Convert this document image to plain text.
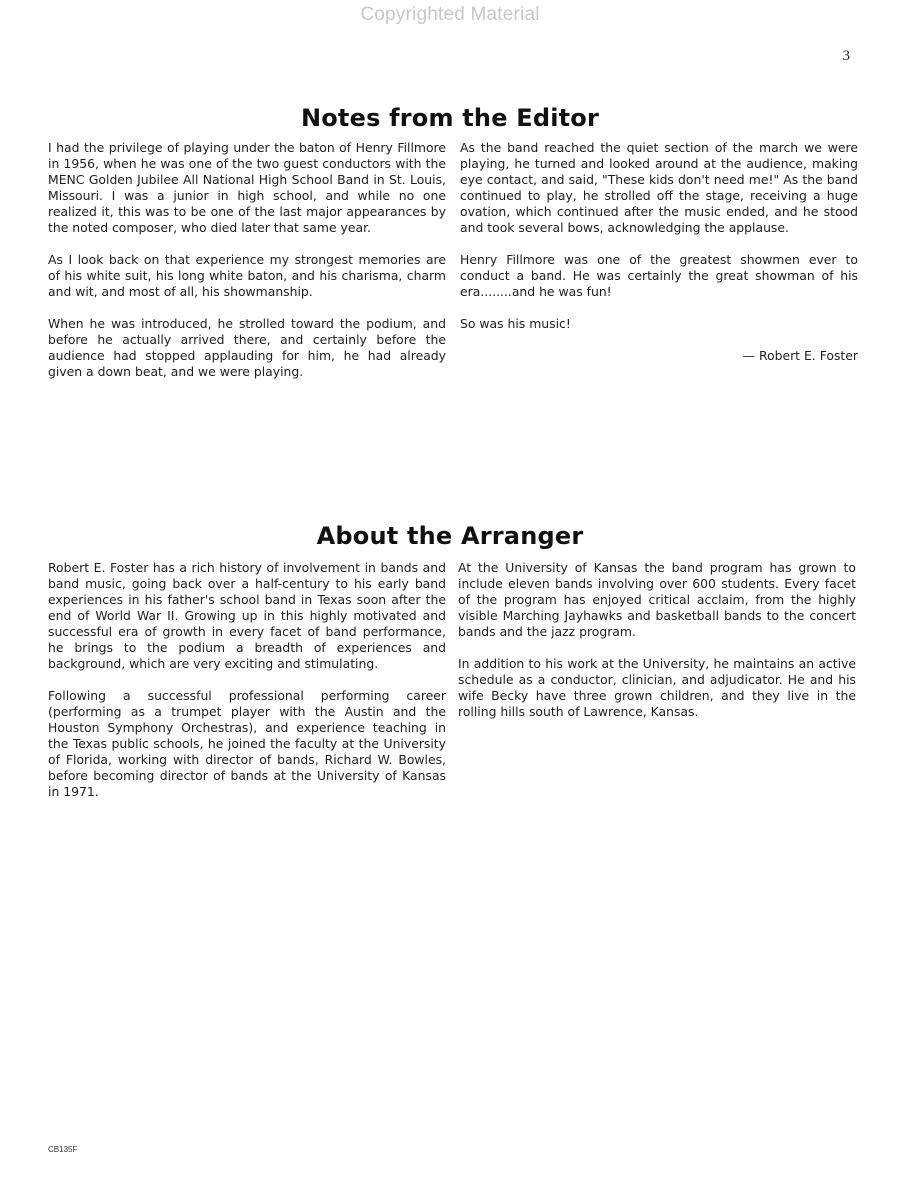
Copyrighted Material
3
Notes from the Editor

I had the privilege of playing under the baton of Henry Fillmore in 1956, when he was one of the two guest conductors with the MENC Golden Jubilee All National High School Band in St. Louis, Missouri. I was a junior in high school, and while no one realized it, this was to be one of the last major appearances by the noted composer, who died later that same year.

As I look back on that experience my strongest memories are of his white suit, his long white baton, and his charisma, charm and wit, and most of all, his showmanship.

When he was introduced, he strolled toward the podium, and before he actually arrived there, and certainly before the audience had stopped applauding for him, he had already given a down beat, and we were playing.

As the band reached the quiet section of the march we were playing, he turned and looked around at the audience, making eye contact, and said, "These kids don't need me!" As the band continued to play, he strolled off the stage, receiving a huge ovation, which continued after the music ended, and he stood and took several bows, acknowledging the applause.

Henry Fillmore was one of the greatest showmen ever to conduct a band. He was certainly the great showman of his era........and he was fun!

So was his music!

— Robert E. Foster

About the Arranger

Robert E. Foster has a rich history of involvement in bands and band music, going back over a half-century to his early band experiences in his father's school band in Texas soon after the end of World War II. Growing up in this highly motivated and successful era of growth in every facet of band performance, he brings to the podium a breadth of experiences and background, which are very exciting and stimulating.

Following a successful professional performing career (performing as a trumpet player with the Austin and the Houston Symphony Orchestras), and experience teaching in the Texas public schools, he joined the faculty at the University of Florida, working with director of bands, Richard W. Bowles, before becoming director of bands at the University of Kansas in 1971.

At the University of Kansas the band program has grown to include eleven bands involving over 600 students. Every facet of the program has enjoyed critical acclaim, from the highly visible Marching Jayhawks and basketball bands to the concert bands and the jazz program.

In addition to his work at the University, he maintains an active schedule as a conductor, clinician, and adjudicator. He and his wife Becky have three grown children, and they live in the rolling hills south of Lawrence, Kansas.

CB135F
